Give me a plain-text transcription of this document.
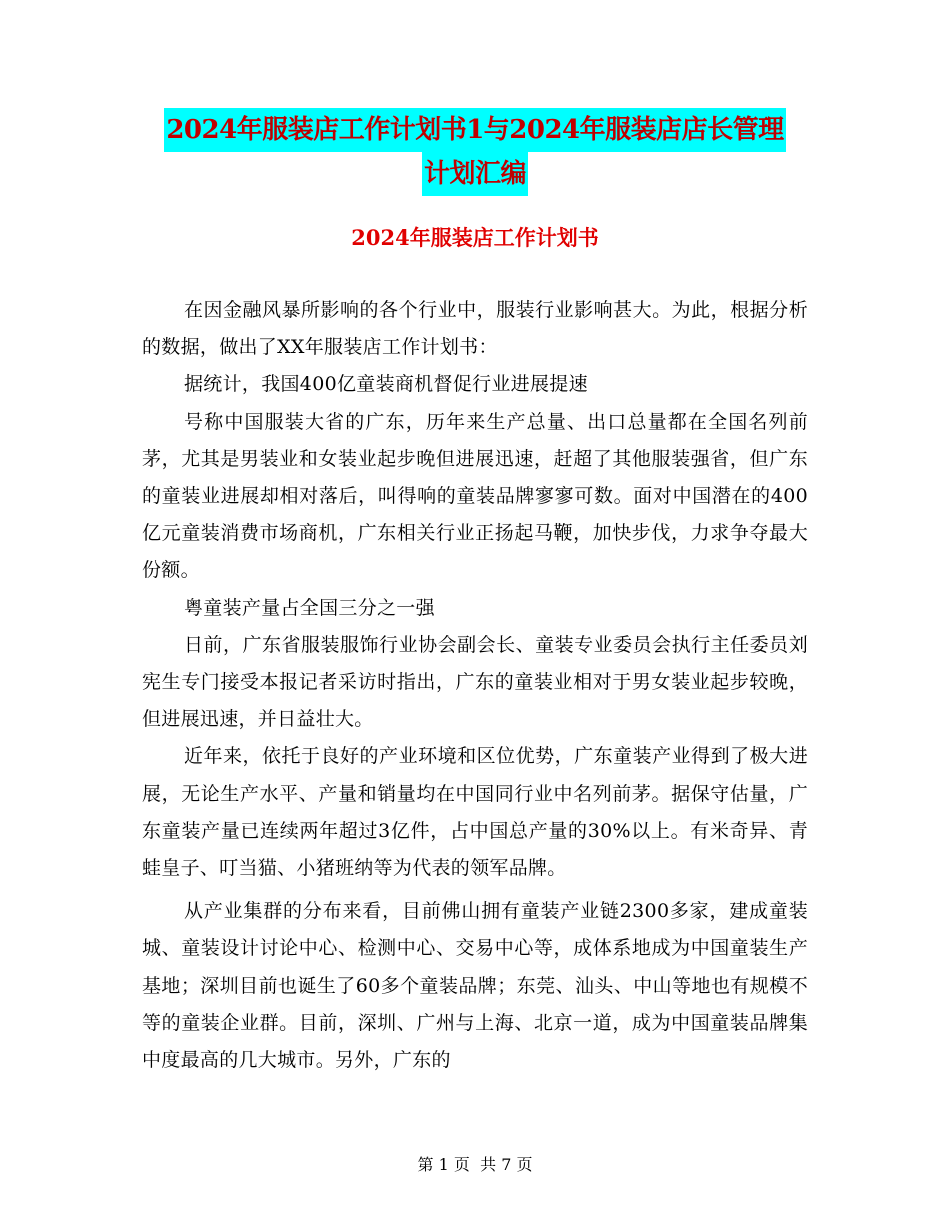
2024年服装店工作计划书1与2024年服装店店长管理
计划汇编
2024年服装店工作计划书

在因金融风暴所影响的各个行业中，服装行业影响甚大。为此，根据分析的数据，做出了XX年服装店工作计划书：

据统计，我国400亿童装商机督促行业进展提速

号称中国服装大省的广东，历年来生产总量、出口总量都在全国名列前茅，尤其是男装业和女装业起步晚但进展迅速，赶超了其他服装强省，但广东的童装业进展却相对落后，叫得响的童装品牌寥寥可数。面对中国潜在的400亿元童装消费市场商机，广东相关行业正扬起马鞭，加快步伐，力求争夺最大份额。

粤童装产量占全国三分之一强

日前，广东省服装服饰行业协会副会长、童装专业委员会执行主任委员刘宪生专门接受本报记者采访时指出，广东的童装业相对于男女装业起步较晚，但进展迅速，并日益壮大。

近年来，依托于良好的产业环境和区位优势，广东童装产业得到了极大进展，无论生产水平、产量和销量均在中国同行业中名列前茅。据保守估量，广东童装产量已连续两年超过3亿件，占中国总产量的30%以上。有米奇异、青蛙皇子、叮当猫、小猪班纳等为代表的领军品牌。

从产业集群的分布来看，目前佛山拥有童装产业链2300多家，建成童装城、童装设计讨论中心、检测中心、交易中心等，成体系地成为中国童装生产基地；深圳目前也诞生了60多个童装品牌；东莞、汕头、中山等地也有规模不等的童装企业群。目前，深圳、广州与上海、北京一道，成为中国童装品牌集中度最高的几大城市。另外，广东的

第 1 页  共 7 页
